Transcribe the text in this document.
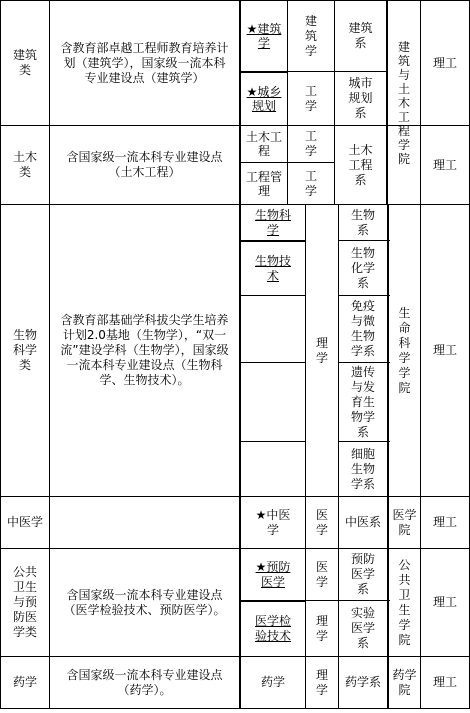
建筑类
含教育部卓越工程师教育培养计划（建筑学），国家级一流本科专业建设点（建筑学）
★建筑学
★城乡规划
建筑学
工学
建筑系
城市规划系
建筑与土木工程学院
理工
土木类
含国家级一流本科专业建设点（土木工程）
土木工程
工程管理
工学
工学
土木工程系
理工
生物科学类
含教育部基础学科拔尖学生培养计划2.0基地（生物学），“双一流”建设学科（生物学），国家级一流本科专业建设点（生物科学、生物技术）。
生物科学
生物技术
理学
生物系
生物化学系
免疫与微生物学系
遗传与发育生物学系
细胞生物学系
生命科学学院
理工
中医学
★中医学
医学
中医系
医学院
理工
公共卫生与预防医学类
含国家级一流本科专业建设点（医学检验技术、预防医学）。
★预防医学
医学检验技术
医学
理学
预防医学系
实验医学系
公共卫生学院
理工
药学
含国家级一流本科专业建设点（药学）。
药学
理学
药学系
药学院
理工
